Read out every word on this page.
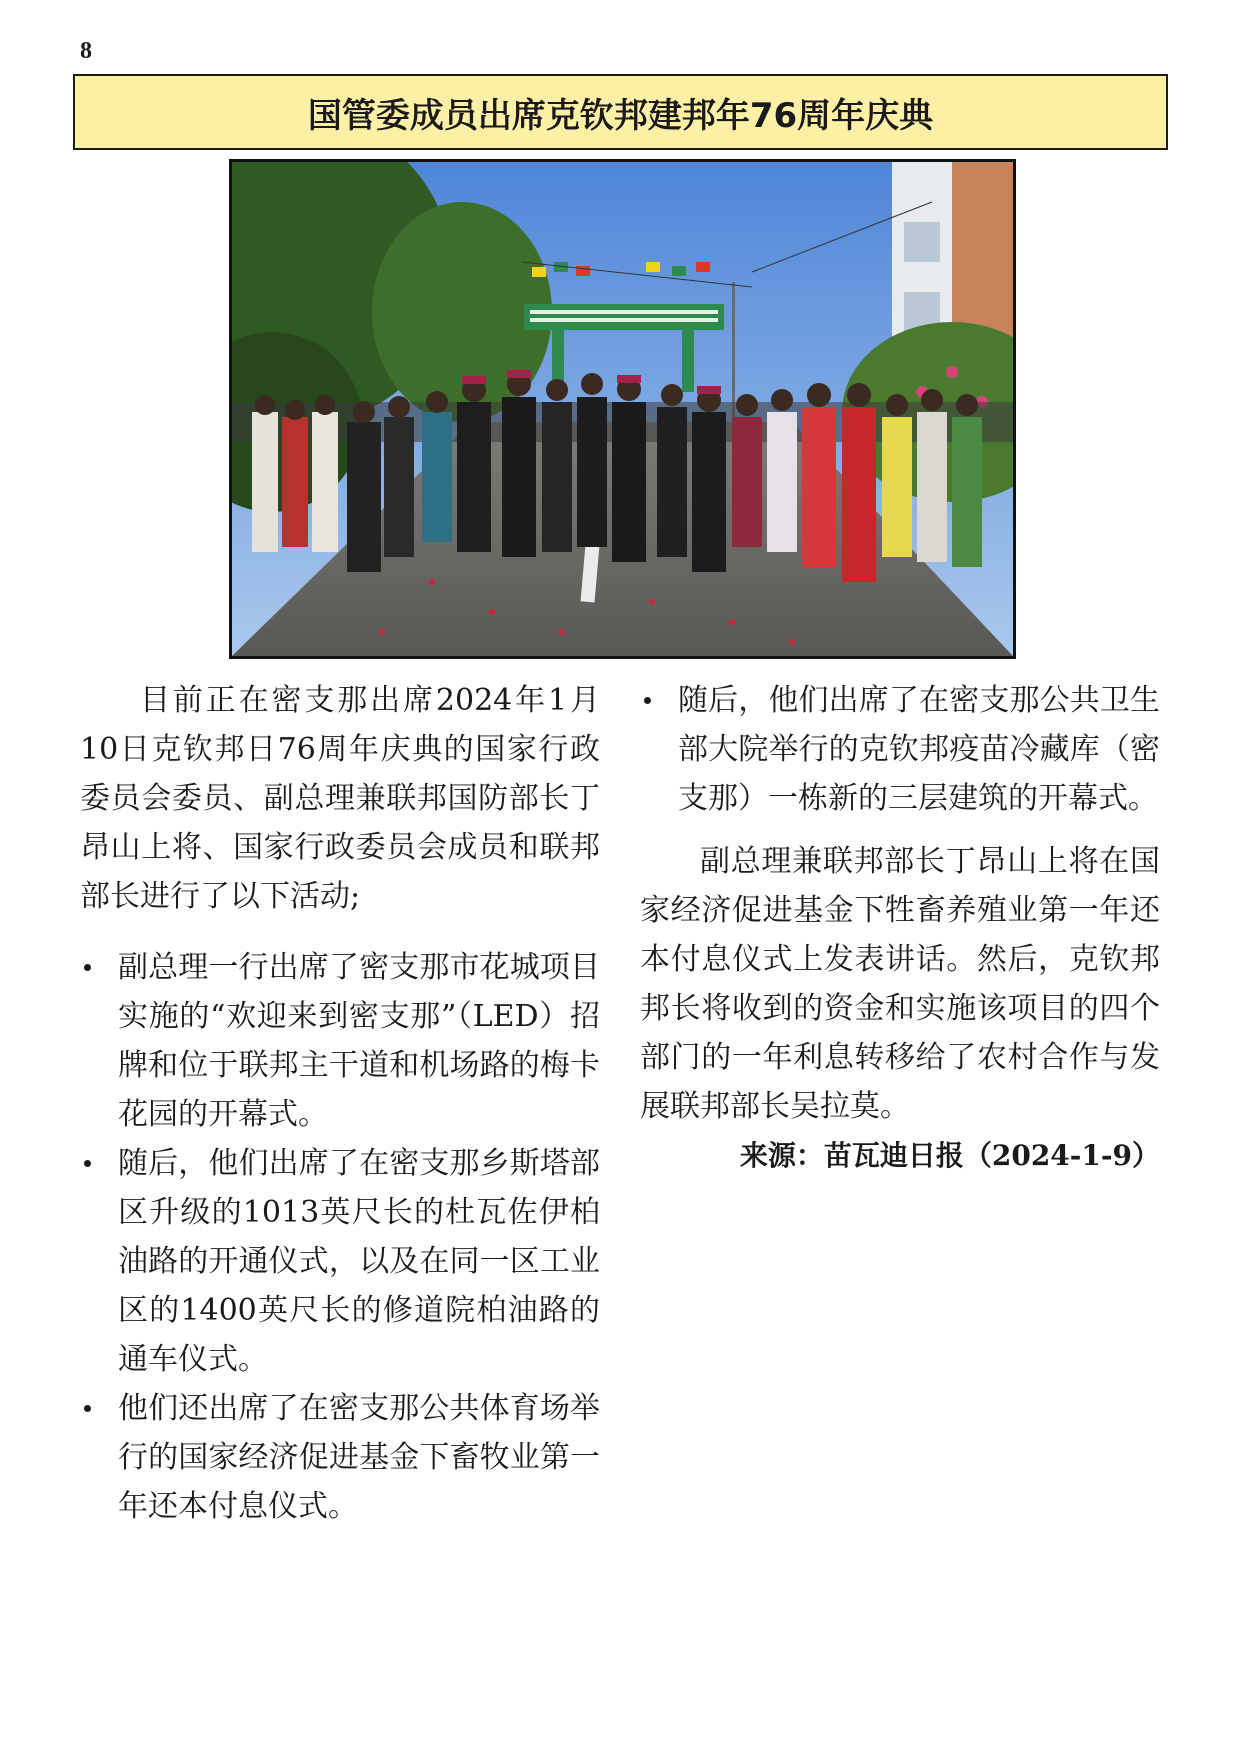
8
国管委成员出席克钦邦建邦年76周年庆典

目前正在密支那出席2024年1月10日克钦邦日76周年庆典的国家行政委员会委员、副总理兼联邦国防部长丁昂山上将、国家行政委员会成员和联邦部长进行了以下活动;

副总理一行出席了密支那市花城项目实施的“欢迎来到密支那”（LED）招牌和位于联邦主干道和机场路的梅卡花园的开幕式。
随后，他们出席了在密支那乡斯塔部区升级的1013英尺长的杜瓦佐伊柏油路的开通仪式，以及在同一区工业区的1400英尺长的修道院柏油路的通车仪式。
他们还出席了在密支那公共体育场举行的国家经济促进基金下畜牧业第一年还本付息仪式。
随后，他们出席了在密支那公共卫生部大院举行的克钦邦疫苗冷藏库（密支那）一栋新的三层建筑的开幕式。

副总理兼联邦部长丁昂山上将在国家经济促进基金下牲畜养殖业第一年还本付息仪式上发表讲话。然后，克钦邦邦长将收到的资金和实施该项目的四个部门的一年利息转移给了农村合作与发展联邦部长吴拉莫。

来源：苗瓦迪日报（2024-1-9）
